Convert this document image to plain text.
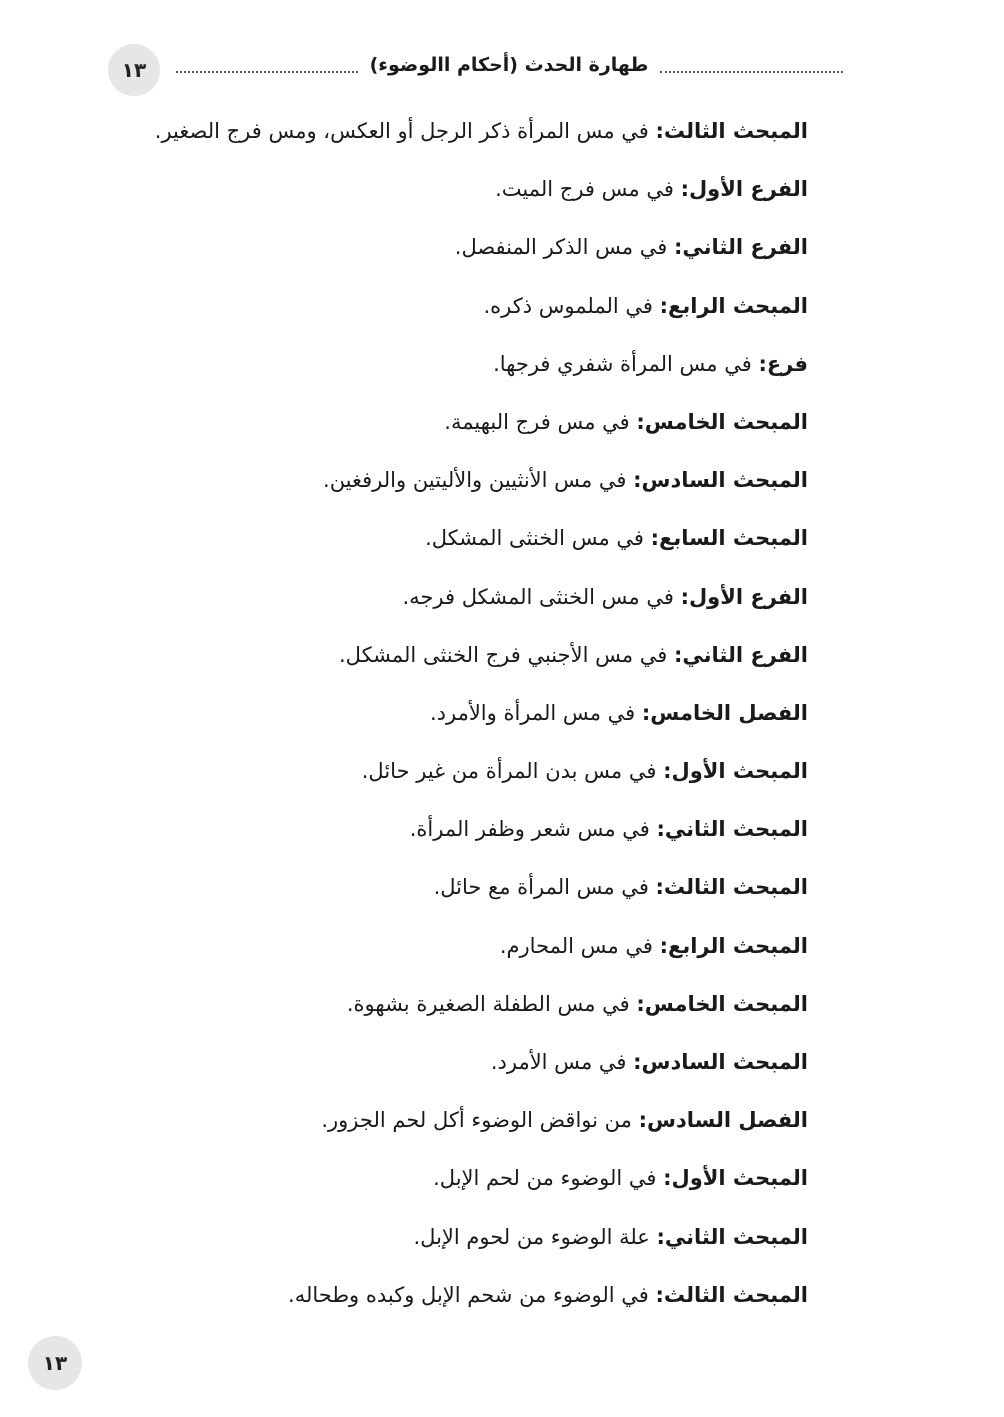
١٣	طهارة الحدث (أحكام االوضوء)
المبحث الثالث: في مس المرأة ذكر الرجل أو العكس، ومس فرج الصغير.
الفرع الأول: في مس فرج الميت.
الفرع الثاني: في مس الذكر المنفصل.
المبحث الرابع: في الملموس ذكره.
فرع: في مس المرأة شفري فرجها.
المبحث الخامس: في مس فرج البهيمة.
المبحث السادس: في مس الأنثيين والأليتين والرفغين.
المبحث السابع: في مس الخنثى المشكل.
الفرع الأول: في مس الخنثى المشكل فرجه.
الفرع الثاني: في مس الأجنبي فرج الخنثى المشكل.
الفصل الخامس: في مس المرأة والأمرد.
المبحث الأول: في مس بدن المرأة من غير حائل.
المبحث الثاني: في مس شعر وظفر المرأة.
المبحث الثالث: في مس المرأة مع حائل.
المبحث الرابع: في مس المحارم.
المبحث الخامس: في مس الطفلة الصغيرة بشهوة.
المبحث السادس: في مس الأمرد.
الفصل السادس: من نواقض الوضوء أكل لحم الجزور.
المبحث الأول: في الوضوء من لحم الإبل.
المبحث الثاني: علة الوضوء من لحوم الإبل.
المبحث الثالث: في الوضوء من شحم الإبل وكبده وطحاله.
١٣
